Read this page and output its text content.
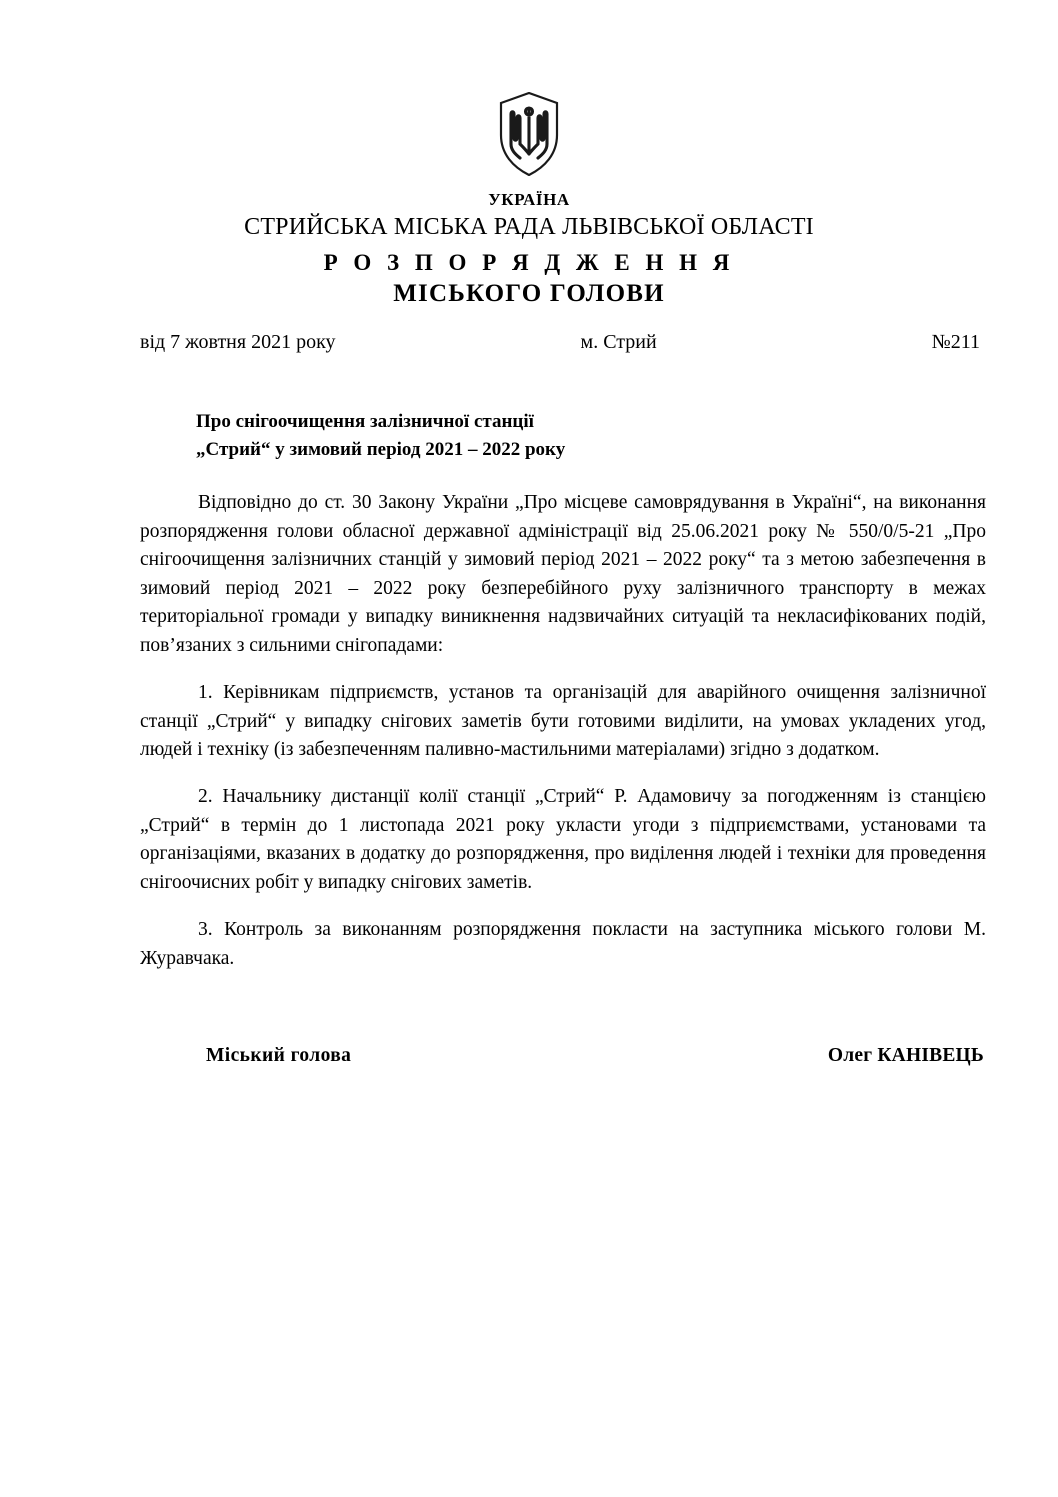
УКРАЇНА
СТРИЙСЬКА МІСЬКА РАДА ЛЬВІВСЬКОЇ ОБЛАСТІ
Р О З П О Р Я Д Ж Е Н Н Я
МІСЬКОГО ГОЛОВИ
від 7 жовтня 2021 року	м. Стрий	№211
Про снігоочищення залізничної станції
„Стрий“ у зимовий період 2021 – 2022 року

Відповідно до ст. 30 Закону України „Про місцеве самоврядування в Україні“, на виконання розпорядження голови обласної державної адміністрації від 25.06.2021 року № 550/0/5-21 „Про снігоочищення залізничних станцій у зимовий період 2021 – 2022 року“ та з метою забезпечення в зимовий період 2021 – 2022 року безперебійного руху залізничного транспорту в межах територіальної громади у випадку виникнення надзвичайних ситуацій та некласифікованих подій, пов’язаних з сильними снігопадами:

1. Керівникам підприємств, установ та організацій для аварійного очищення залізничної станції „Стрий“ у випадку снігових заметів бути готовими виділити, на умовах укладених угод, людей і техніку (із забезпеченням паливно-мастильними матеріалами) згідно з додатком.

2. Начальнику дистанції колії станції „Стрий“ Р. Адамовичу за погодженням із станцією „Стрий“ в термін до 1 листопада 2021 року укласти угоди з підприємствами, установами та організаціями, вказаних в додатку до розпорядження, про виділення людей і техніки для проведення снігоочисних робіт у випадку снігових заметів.

3. Контроль за виконанням розпорядження покласти на заступника міського голови М. Журавчака.

Міський голова	Олег КАНІВЕЦЬ
